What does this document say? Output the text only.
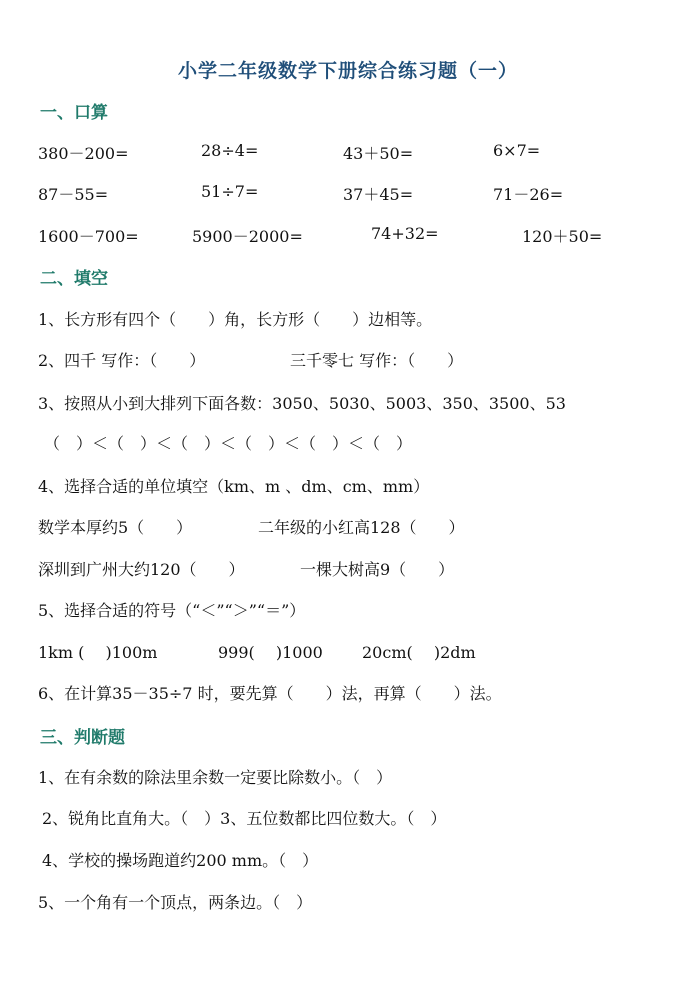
小学二年级数学下册综合练习题（一）
一、口算
380－200=	28÷4=	43＋50=	6×7=
87－55=	51÷7=	37＋45=	71－26=
1600－700=	5900－2000=	74+32=	120＋50=
二、填空
1、长方形有四个（　　）角，长方形（　　）边相等。
2、四千 写作：（　　）	三千零七 写作：（　　）
3、按照从小到大排列下面各数：3050、5030、5003、350、3500、53
（　）＜（　）＜（　）＜（　）＜（　）＜（　）
4、选择合适的单位填空（km、m 、dm、cm、mm）
数学本厚约5（　　）	二年级的小红高128（　　）
深圳到广州大约120（　　）	一棵大树高9（　　）
5、选择合适的符号（“＜”“＞”“＝”）
1km (　 )100m	999(　 )1000 20cm(　 )2dm
6、在计算35－35÷7 时，要先算（　　）法，再算（　　）法。
三、判断题
1、在有余数的除法里余数一定要比除数小。（　）
2、锐角比直角大。（　）3、五位数都比四位数大。（　）
4、学校的操场跑道约200 mm。（　）
5、一个角有一个顶点，两条边。（　）
